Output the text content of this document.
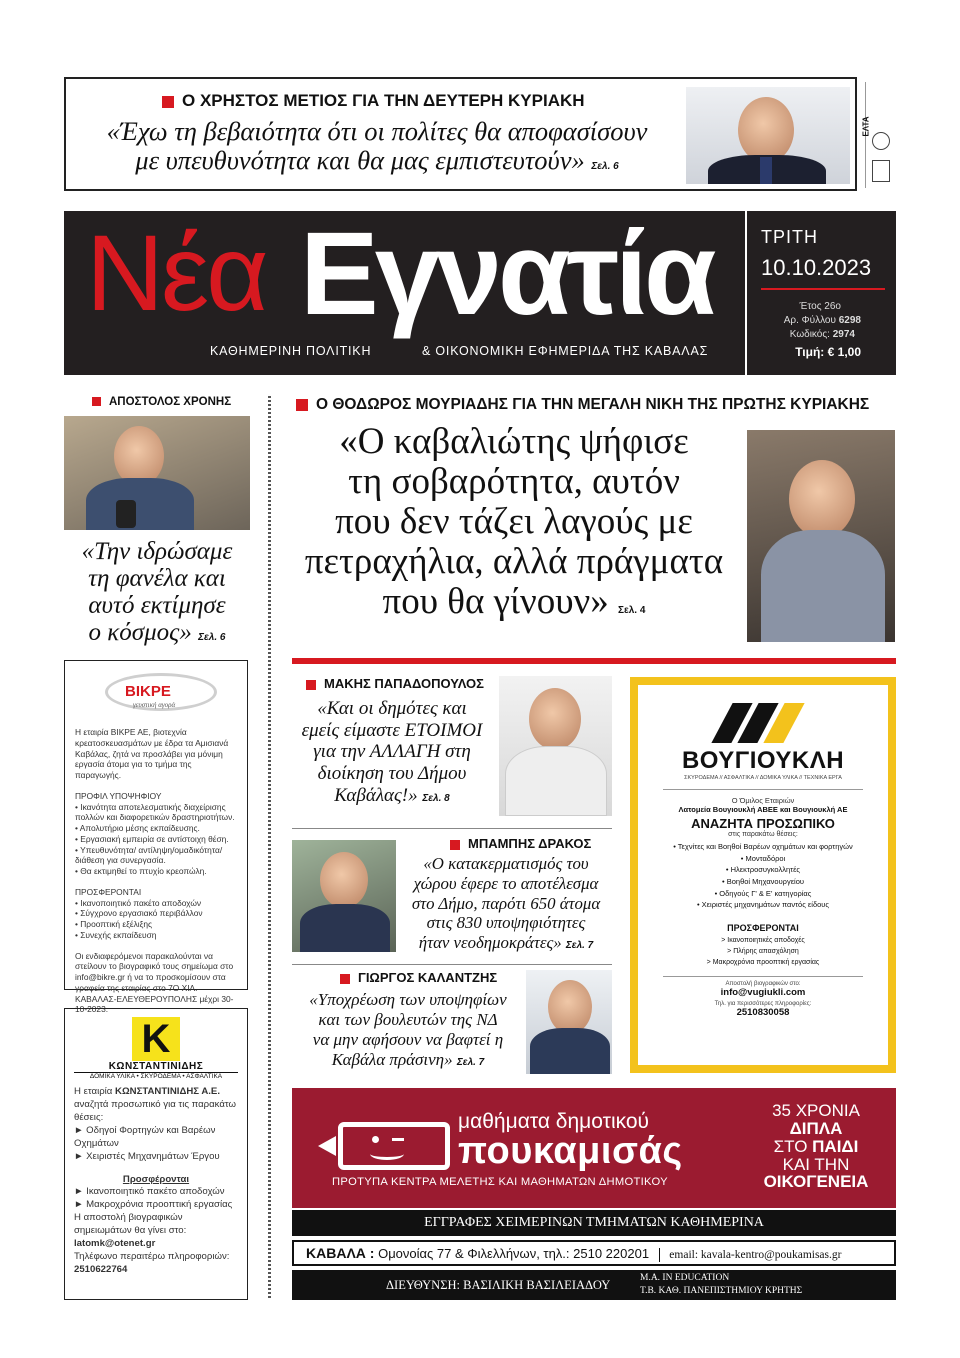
Ο ΧΡΗΣΤΟΣ ΜΕΤΙΟΣ ΓΙΑ ΤΗΝ ΔΕΥΤΕΡΗ ΚΥΡΙΑΚΗ
«Έχω τη βεβαιότητα ότι οι πολίτες θα αποφασίσουν
με υπευθυνότητα και θα μας εμπιστευτούν» Σελ. 6
ΕΛΤΑ
Νέα Εγνατία
ΚΑΘΗΜΕΡΙΝΗ ΠΟΛΙΤΙΚΗ	& ΟΙΚΟΝΟΜΙΚΗ ΕΦΗΜΕΡΙΔΑ ΤΗΣ ΚΑΒΑΛΑΣ
ΤΡΙΤΗ
10.10.2023
Έτος 26ο
Αρ. Φύλλου 6298
Κωδικός: 2974
Τιμή: € 1,00
ΑΠΟΣΤΟΛΟΣ ΧΡΟΝΗΣ
«Την ιδρώσαμε
τη φανέλα και
αυτό εκτίμησε
ο κόσμος» Σελ. 6
Ο ΘΟΔΩΡΟΣ ΜΟΥΡΙΑΔΗΣ ΓΙΑ ΤΗΝ ΜΕΓΑΛΗ ΝΙΚΗ ΤΗΣ ΠΡΩΤΗΣ ΚΥΡΙΑΚΗΣ
«Ο καβαλιώτης ψήφισε
τη σοβαρότητα, αυτόν
που δεν τάζει λαγούς με
πετραχήλια, αλλά πράγματα
που θα γίνουν» Σελ. 4
ΜΑΚΗΣ ΠΑΠΑΔΟΠΟΥΛΟΣ
«Και οι δημότες και
εμείς είμαστε ΕΤΟΙΜΟΙ
για την ΑΛΛΑΓΗ στη
διοίκηση του Δήμου
Καβάλας!» Σελ. 8
ΜΠΑΜΠΗΣ ΔΡΑΚΟΣ
«Ο κατακερματισμός του
χώρου έφερε το αποτέλεσμα
στο Δήμο, παρότι 650 άτομα
στις 830 υποψηφιότητες
ήταν νεοδημοκράτες» Σελ. 7
ΓΙΩΡΓΟΣ ΚΑΛΑΝΤΖΗΣ
«Υποχρέωση των υποψηφίων
και των βουλευτών της ΝΔ
να μην αφήσουν να βαφτεί η
Καβάλα πράσινη» Σελ. 7
ΒΙΚΡΕ
γευστική αγορά
Η εταιρία ΒΙΚΡΕ ΑΕ, βιοτεχνία κρεατοσκευασμάτων με έδρα τα Αμισιανά Καβάλας, ζητά να προσλάβει για μόνιμη εργασία άτομα για το τμήμα της παραγωγής.
ΠΡΟΦΙΛ ΥΠΟΨΗΦΙΟΥ
• Ικανότητα αποτελεσματικής διαχείρισης πολλών και διαφορετικών δραστηριοτήτων.
• Απολυτήριο μέσης εκπαίδευσης.
• Εργασιακή εμπειρία σε αντίστοιχη θέση.
• Υπευθυνότητα/ αντίληψη/ομαδικότητα/ διάθεση για συνεργασία.
• Θα εκτιμηθεί το πτυχίο κρεοπώλη.
ΠΡΟΣΦΕΡΟΝΤΑΙ
• Ικανοποιητικό πακέτο αποδοχών
• Σύγχρονο εργασιακό περιβάλλον
• Προοπτική εξέλιξης
• Συνεχής εκπαίδευση
Οι ενδιαφερόμενοι παρακαλούνται να στείλουν το βιογραφικό τους σημείωμα στο info@bikre.gr ή να το προσκομίσουν στα γραφεία της εταιρίας στο 7Ο ΧΙΛ. ΚΑΒΑΛΑΣ-ΕΛΕΥΘΕΡΟΥΠΟΛΗΣ μέχρι 30-10-2023.
K
ΚΩΝΣΤΑΝΤΙΝΙΔΗΣ
ΔΟΜΙΚΑ ΥΛΙΚΑ • ΣΚΥΡΟΔΕΜΑ • ΑΣΦΑΛΤΙΚΑ
Η εταιρία ΚΩΝΣΤΑΝΤΙΝΙΔΗΣ Α.Ε. αναζητά προσωπικό για τις παρακάτω θέσεις:
► Οδηγοί Φορτηγών και Βαρέων Οχημάτων
► Χειριστές Μηχανημάτων Έργου
Προσφέρονται
► Ικανοποιητικό πακέτο αποδοχών
► Μακροχρόνια προοπτική εργασίας
Η αποστολή βιογραφικών σημειωμάτων θα γίνει στο: latomk@otenet.gr
Τηλέφωνο περαιτέρω πληροφοριών:
2510622764
ΒΟΥΓΙΟΥΚΛΗ
ΣΚΥΡΟΔΕΜΑ // ΑΣΦΑΛΤΙΚΑ // ΔΟΜΙΚΑ ΥΛΙΚΑ // ΤΕΧΝΙΚΑ ΕΡΓΑ
Ο Όμιλος Εταιριών
Λατομεία Βουγιουκλή ΑΒΕΕ και Βουγιουκλή ΑΕ
ΑΝΑΖΗΤΑ ΠΡΟΣΩΠΙΚΟ
στις παρακάτω θέσεις:
• Τεχνίτες και Βοηθοί Βαρέων οχημάτων και φορτηγών
• Μονταδόροι
• Ηλεκτροσυγκολλητές
• Βοηθοί Μηχανουργείου
• Οδηγούς Γ' & Ε' κατηγορίας
• Χειριστές μηχανημάτων παντός είδους
ΠΡΟΣΦΕΡΟΝΤΑΙ
> Ικανοποιητικές αποδοχές
> Πλήρης απασχόληση
> Μακροχρόνια προοπτική εργασίας
Αποστολή βιογραφικών στο:
info@vugiukli.com
Τηλ. για περισσότερες πληροφορίες:
2510830058
μαθήματα δημοτικού
πουκαμισάς
ΠΡΟΤΥΠΑ ΚΕΝΤΡΑ ΜΕΛΕΤΗΣ ΚΑΙ ΜΑΘΗΜΑΤΩΝ ΔΗΜΟΤΙΚΟΥ
35 ΧΡΟΝΙΑ
ΔΙΠΛΑ
ΣΤΟ ΠΑΙΔΙ
ΚΑΙ ΤΗΝ
ΟΙΚΟΓΕΝΕΙΑ
ΕΓΓΡΑΦΕΣ ΧΕΙΜΕΡΙΝΩΝ ΤΜΗΜΑΤΩΝ ΚΑΘΗΜΕΡΙΝΑ
ΚΑΒΑΛΑ : Ομονοίας 77 & Φιλελλήνων, τηλ.: 2510 220201 email: kavala-kentro@poukamisas.gr
ΔΙΕΥΘΥΝΣΗ: ΒΑΣΙΛΙΚΗ ΒΑΣΙΛΕΙΑΔΟΥ	M.A. IN EDUCATION
Τ.Β. ΚΑΘ. ΠΑΝΕΠΙΣΤΗΜΙΟΥ ΚΡΗΤΗΣ
